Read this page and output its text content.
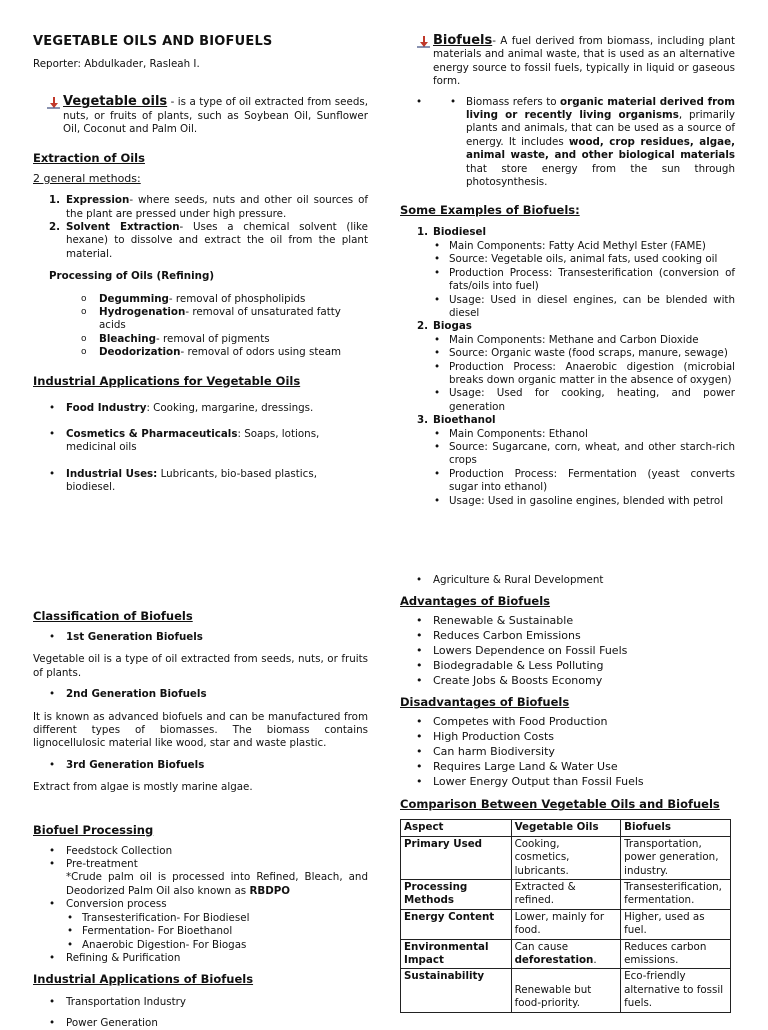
VEGETABLE OILS AND BIOFUELS
Reporter: Abdulkader, Rasleah I.
Vegetable oils - is a type of oil extracted from seeds, nuts, or fruits of plants, such as Soybean Oil, Sunflower Oil, Coconut and Palm Oil.
Extraction of Oils
2 general methods:
1. Expression- where seeds, nuts and other oil sources of the plant are pressed under high pressure.
2. Solvent Extraction- Uses a chemical solvent (like hexane) to dissolve and extract the oil from the plant material.
Processing of Oils (Refining)
o Degumming- removal of phospholipids
o Hydrogenation- removal of unsaturated fatty acids
o Bleaching- removal of pigments
o Deodorization- removal of odors using steam
Industrial Applications for Vegetable Oils
• Food Industry: Cooking, margarine, dressings.
• Cosmetics & Pharmaceuticals: Soaps, lotions, medicinal oils
• Industrial Uses: Lubricants, bio-based plastics, biodiesel.
Biofuels- A fuel derived from biomass, including plant materials and animal waste, that is used as an alternative energy source to fossil fuels, typically in liquid or gaseous form.
• • Biomass refers to organic material derived from living or recently living organisms, primarily plants and animals, that can be used as a source of energy. It includes wood, crop residues, algae, animal waste, and other biological materials that store energy from the sun through photosynthesis.
Some Examples of Biofuels:
1. Biodiesel
• Main Components: Fatty Acid Methyl Ester (FAME)
• Source: Vegetable oils, animal fats, used cooking oil
• Production Process: Transesterification (conversion of fats/oils into fuel)
• Usage: Used in diesel engines, can be blended with diesel
2. Biogas
• Main Components: Methane and Carbon Dioxide
• Source: Organic waste (food scraps, manure, sewage)
• Production Process: Anaerobic digestion (microbial breaks down organic matter in the absence of oxygen)
• Usage: Used for cooking, heating, and power generation
3. Bioethanol
• Main Components: Ethanol
• Source: Sugarcane, corn, wheat, and other starch-rich crops
• Production Process: Fermentation (yeast converts sugar into ethanol)
• Usage: Used in gasoline engines, blended with petrol
Classification of Biofuels
• 1st Generation Biofuels
Vegetable oil is a type of oil extracted from seeds, nuts, or fruits of plants.
• 2nd Generation Biofuels
It is known as advanced biofuels and can be manufactured from different types of biomasses. The biomass contains lignocellulosic material like wood, star and waste plastic.
• 3rd Generation Biofuels
Extract from algae is mostly marine algae.
Biofuel Processing
• Feedstock Collection
• Pre-treatment
*Crude palm oil is processed into Refined, Bleach, and Deodorized Palm Oil also known as RBDPO
• Conversion process
• Transesterification- For Biodiesel
• Fermentation- For Bioethanol
• Anaerobic Digestion- For Biogas
• Refining & Purification
Industrial Applications of Biofuels
• Transportation Industry
• Power Generation
• Agriculture & Rural Development
Advantages of Biofuels
• Renewable & Sustainable
• Reduces Carbon Emissions
• Lowers Dependence on Fossil Fuels
• Biodegradable & Less Polluting
• Create Jobs & Boosts Economy
Disadvantages of Biofuels
• Competes with Food Production
• High Production Costs
• Can harm Biodiversity
• Requires Large Land & Water Use
• Lower Energy Output than Fossil Fuels
Comparison Between Vegetable Oils and Biofuels
Aspect	Vegetable Oils	Biofuels
Primary Used	Cooking, cosmetics, lubricants.	Transportation, power generation, industry.
Processing Methods	Extracted & refined.	Transesterification, fermentation.
Energy Content	Lower, mainly for food.	Higher, used as fuel.
Environmental Impact	Can cause deforestation.	Reduces carbon emissions.
Sustainability	Renewable but food-priority.	Eco-friendly alternative to fossil fuels.
